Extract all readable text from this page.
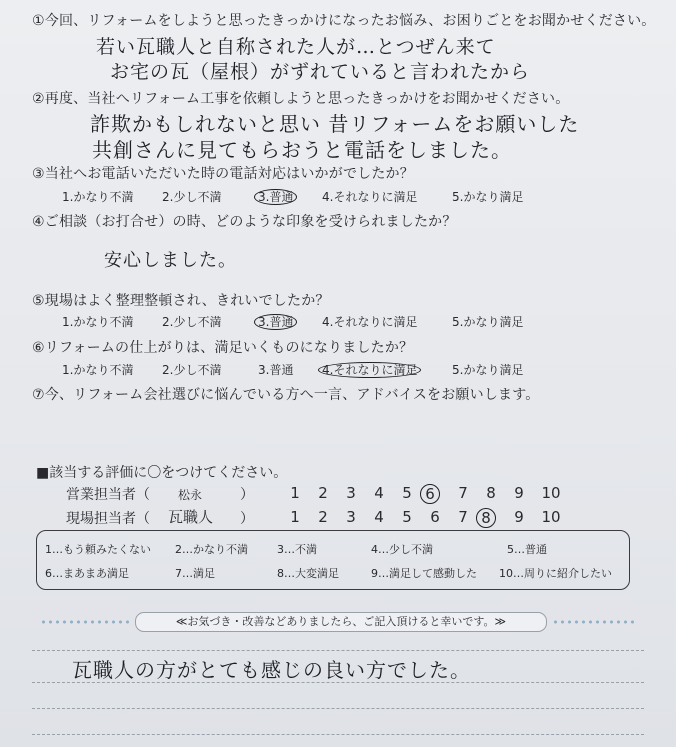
①今回、リフォームをしようと思ったきっかけになったお悩み、お困りごとをお聞かせください。
若い瓦職人と自称された人が…とつぜん来て
お宅の瓦（屋根）がずれていると言われたから
②再度、当社へリフォーム工事を依頼しようと思ったきっかけをお聞かせください。
詐欺かもしれないと思い 昔リフォームをお願いした
共創さんに見てもらおうと電話をしました。
③当社へお電話いただいた時の電話対応はいかがでしたか？
1.かなり不満 2.少し不満	3.普通	4.それなりに満足	5.かなり満足
④ご相談（お打合せ）の時、どのような印象を受けられましたか？
安心しました。
⑤現場はよく整理整頓され、きれいでしたか？
1.かなり不満 2.少し不満	3.普通	4.それなりに満足	5.かなり満足
⑥リフォームの仕上がりは、満足いくものになりましたか？
1.かなり不満 2.少し不満	3.普通 4.それなりに満足	5.かなり満足
⑦今、リフォーム会社選びに悩んでいる方へ一言、アドバイスをお願いします。
■該当する評価に〇をつけてください。
営業担当者（ 松永	）	1	2	3	4	5 6	7	8	9	10
現場担当者（ 瓦職人 ）	1	2	3	4	5	6	7 8	9	10
1…もう頼みたくない 2…かなり不満	3…不満	4…少し不満	5…普通
6…まあまあ満足	7…満足	8…大変満足	9…満足して感動した 10…周りに紹介したい
≪お気づき・改善などありましたら、ご記入頂けると幸いです。≫
瓦職人の方がとても感じの良い方でした。
